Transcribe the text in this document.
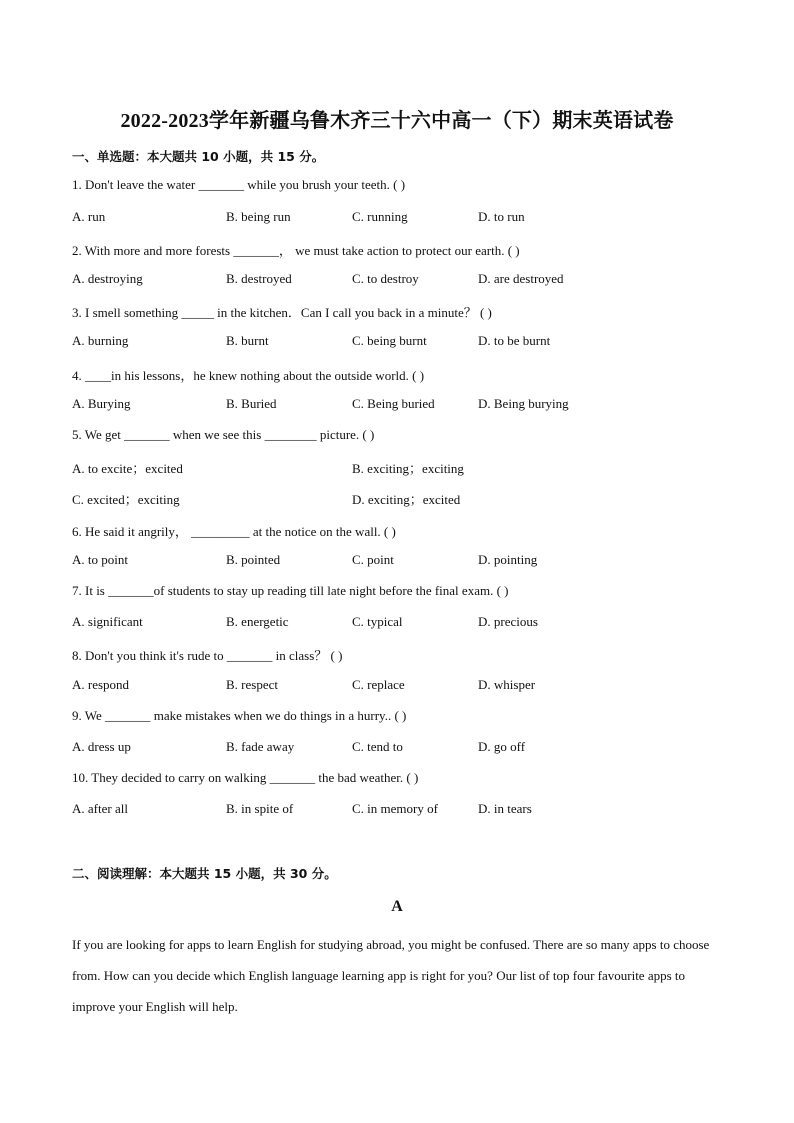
2022-2023学年新疆乌鲁木齐三十六中高一（下）期末英语试卷
一、单选题：本大题共 10 小题，共 15 分。
1. Don't leave the water _______ while you brush your teeth. ( )
A. run	B. being run	C. running	D. to run
2. With more and more forests _______， we must take action to protect our earth. ( )
A. destroying	B. destroyed	C. to destroy	D. are destroyed
3. I smell something _____ in the kitchen．Can I call you back in a minute？ ( )
A. burning	B. burnt	C. being burnt	D. to be burnt
4. ____in his lessons，he knew nothing about the outside world. ( )
A. Burying	B. Buried	C. Being buried	D. Being burying
5. We get _______ when we see this ________ picture. ( )
A. to excite；excited	B. exciting；exciting
C. excited；exciting	D. exciting；excited
6. He said it angrily， _________ at the notice on the wall. ( )
A. to point	B. pointed	C. point	D. pointing
7. It is _______of students to stay up reading till late night before the final exam. ( )
A. significant	B. energetic	C. typical	D. precious
8. Don't you think it's rude to _______ in class？ ( )
A. respond	B. respect	C. replace	D. whisper
9. We _______ make mistakes when we do things in a hurry.. ( )
A. dress up	B. fade away	C. tend to	D. go off
10. They decided to carry on walking _______ the bad weather. ( )
A. after all	B. in spite of	C. in memory of	D. in tears
二、阅读理解：本大题共 15 小题，共 30 分。
A
If you are looking for apps to learn English for studying abroad, you might be confused. There are so many apps to choose from. How can you decide which English language learning app is right for you? Our list of top four favourite apps to improve your English will help.
